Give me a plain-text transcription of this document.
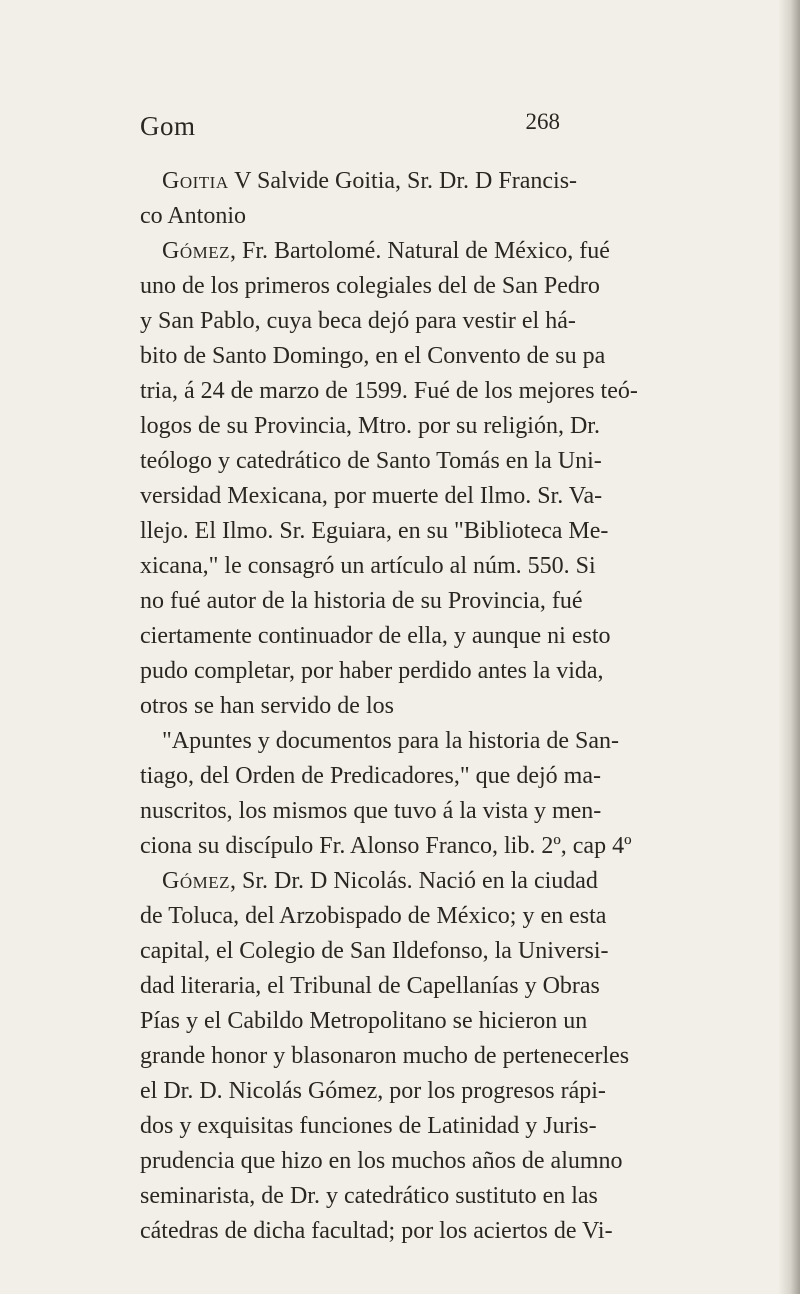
Gom	268
Goitia V Salvide Goitia, Sr. Dr. D Francis-
co Antonio
Gómez, Fr. Bartolomé. Natural de México, fué
uno de los primeros colegiales del de San Pedro
y San Pablo, cuya beca dejó para vestir el há-
bito de Santo Domingo, en el Convento de su pa
tria, á 24 de marzo de 1599. Fué de los mejores teó-
logos de su Provincia, Mtro. por su religión, Dr.
teólogo y catedrático de Santo Tomás en la Uni-
versidad Mexicana, por muerte del Ilmo. Sr. Va-
llejo. El Ilmo. Sr. Eguiara, en su "Biblioteca Me-
xicana," le consagró un artículo al núm. 550. Si
no fué autor de la historia de su Provincia, fué
ciertamente continuador de ella, y aunque ni esto
pudo completar, por haber perdido antes la vida,
otros se han servido de los
"Apuntes y documentos para la historia de San-
tiago, del Orden de Predicadores," que dejó ma-
nuscritos, los mismos que tuvo á la vista y men-
ciona su discípulo Fr. Alonso Franco, lib. 2º, cap 4º
Gómez, Sr. Dr. D Nicolás. Nació en la ciudad
de Toluca, del Arzobispado de México; y en esta
capital, el Colegio de San Ildefonso, la Universi-
dad literaria, el Tribunal de Capellanías y Obras
Pías y el Cabildo Metropolitano se hicieron un
grande honor y blasonaron mucho de pertenecerles
el Dr. D. Nicolás Gómez, por los progresos rápi-
dos y exquisitas funciones de Latinidad y Juris-
prudencia que hizo en los muchos años de alumno
seminarista, de Dr. y catedrático sustituto en las
cátedras de dicha facultad; por los aciertos de Vi-
